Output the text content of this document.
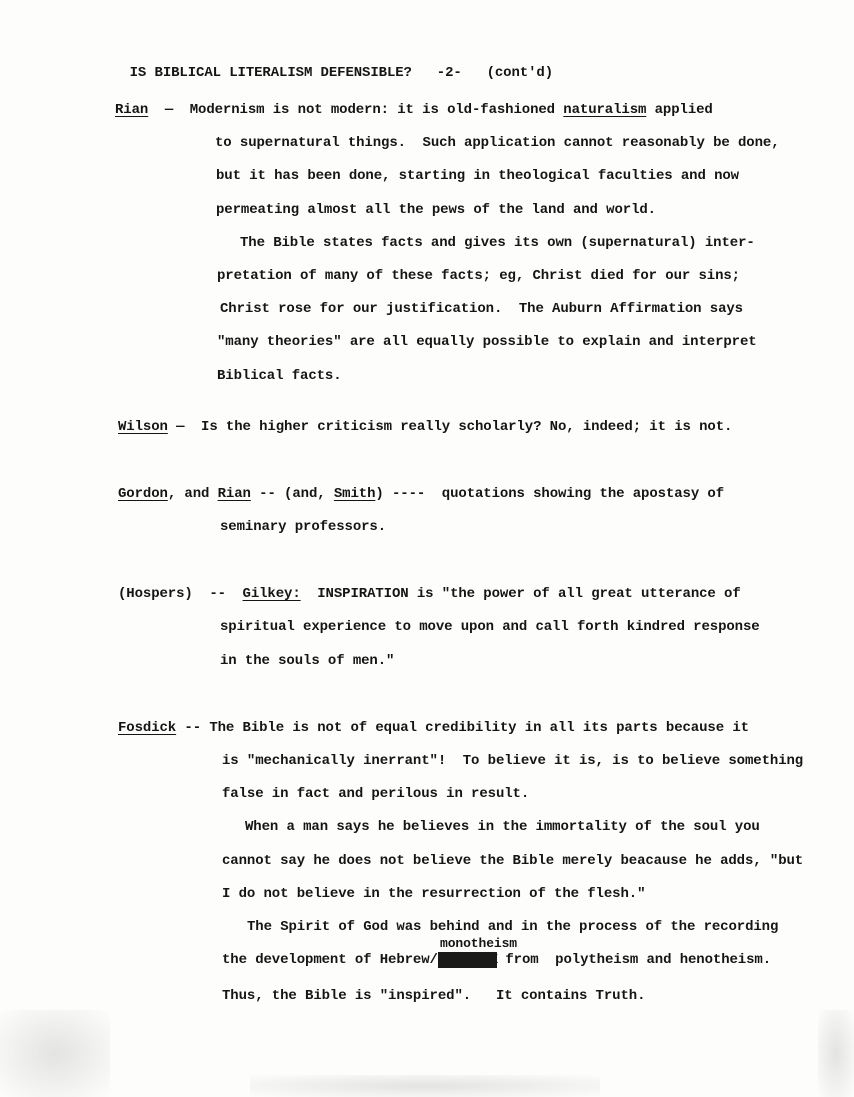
IS BIBLICAL LITERALISM DEFENSIBLE? -2- (cont'd)

Rian  —  Modernism is not modern: it is old-fashioned naturalism applied
to supernatural things.  Such application cannot reasonably be done,
but it has been done, starting in theological faculties and now
permeating almost all the pews of the land and world.
The Bible states facts and gives its own (supernatural) inter-
pretation of many of these facts; eg, Christ died for our sins;
Christ rose for our justification.  The Auburn Affirmation says
"many theories" are all equally possible to explain and interpret
Biblical facts.
Wilson —  Is the higher criticism really scholarly? No, indeed; it is not.
Gordon, and Rian -- (and, Smith) ----  quotations showing the apostasy of
seminary professors.
(Hospers)  --  Gilkey:  INSPIRATION is "the power of all great utterance of
spiritual experience to move upon and call forth kindred response
in the souls of men."
Fosdick -- The Bible is not of equal credibility in all its parts because it
is "mechanically inerrant"!  To believe it is, is to believe something
false in fact and perilous in result.
When a man says he believes in the immortality of the soul you
cannot say he does not believe the Bible merely beacause he adds, "but
I do not believe in the resurrection of the flesh."
The Spirit of God was behind and in the process of the recording
monotheism
the development of Hebrew/XXXXXXXX from  polytheism and henotheism.
Thus, the Bible is "inspired".   It contains Truth.
